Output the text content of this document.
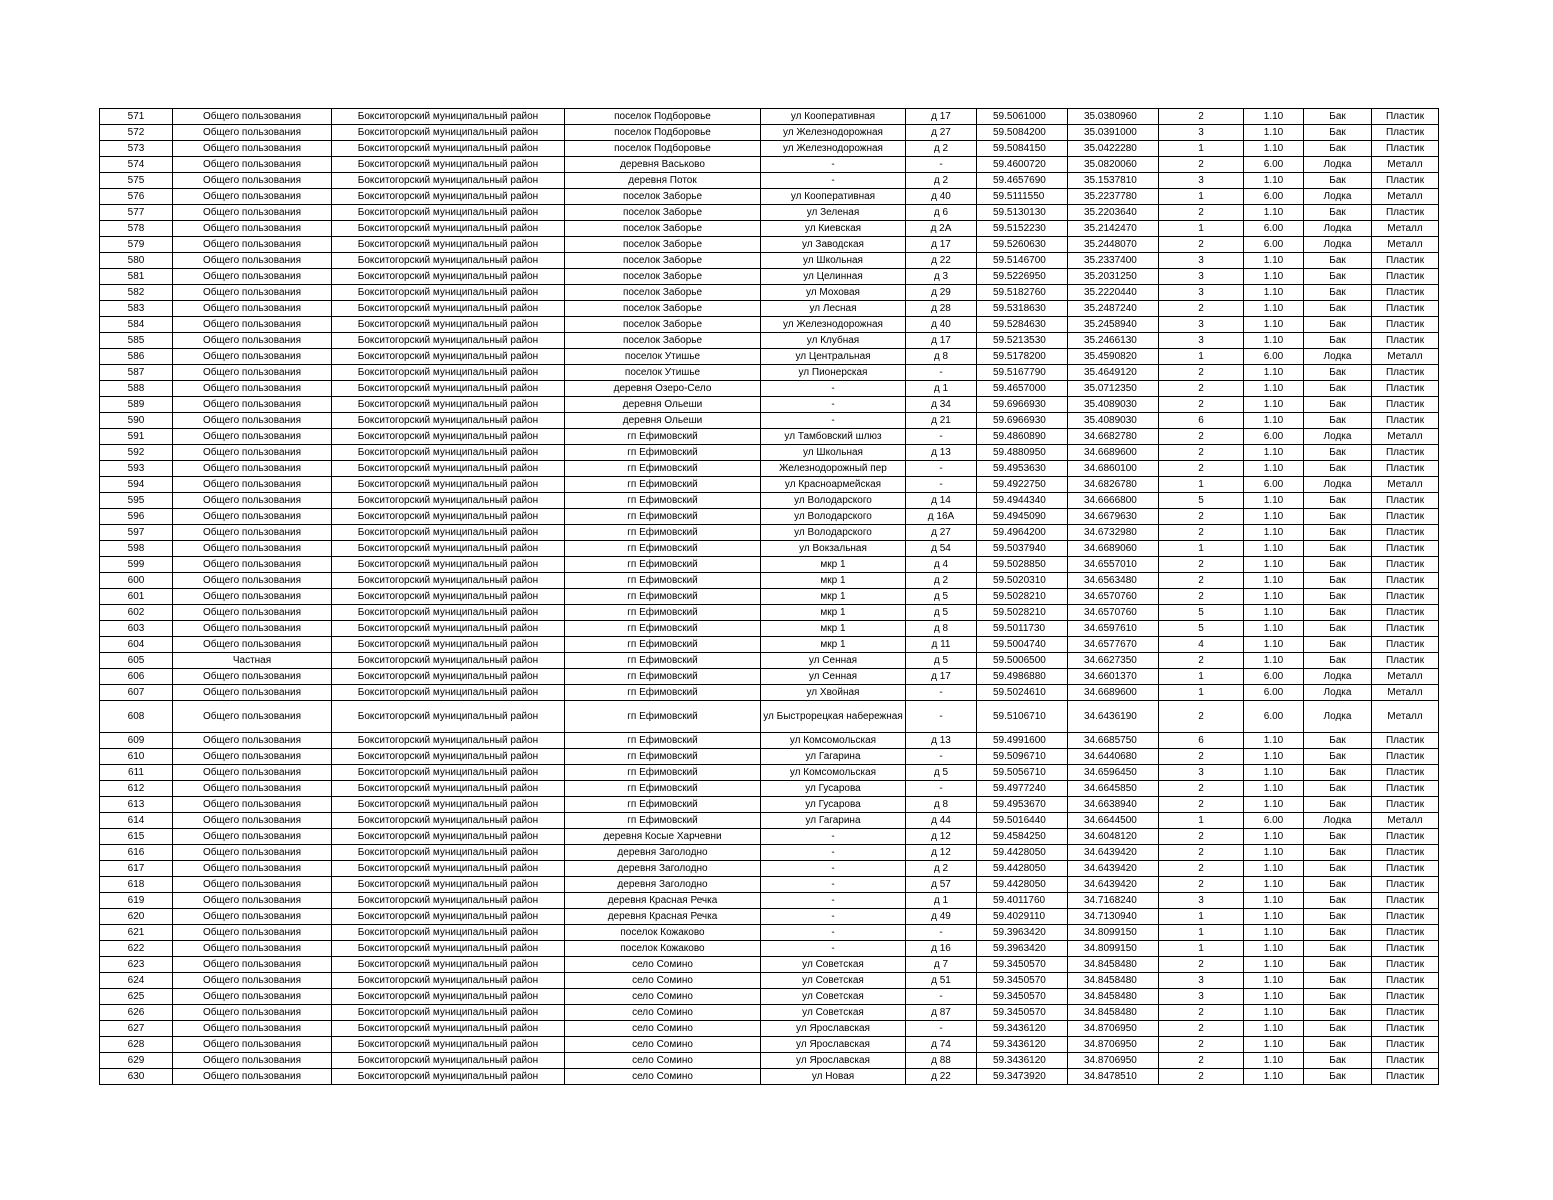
571	Общего пользования	Бокситогорский муниципальный район	поселок Подборовье	ул Кооперативная	д 17	59.5061000	35.0380960	2	1.10	Бак	Пластик
572	Общего пользования	Бокситогорский муниципальный район	поселок Подборовье	ул Железнодорожная	д 27	59.5084200	35.0391000	3	1.10	Бак	Пластик
573	Общего пользования	Бокситогорский муниципальный район	поселок Подборовье	ул Железнодорожная	д 2	59.5084150	35.0422280	1	1.10	Бак	Пластик
574	Общего пользования	Бокситогорский муниципальный район	деревня Васьково	-	-	59.4600720	35.0820060	2	6.00	Лодка	Металл
575	Общего пользования	Бокситогорский муниципальный район	деревня Поток	-	д 2	59.4657690	35.1537810	3	1.10	Бак	Пластик
576	Общего пользования	Бокситогорский муниципальный район	поселок Заборье	ул Кооперативная	д 40	59.5111550	35.2237780	1	6.00	Лодка	Металл
577	Общего пользования	Бокситогорский муниципальный район	поселок Заборье	ул Зеленая	д 6	59.5130130	35.2203640	2	1.10	Бак	Пластик
578	Общего пользования	Бокситогорский муниципальный район	поселок Заборье	ул Киевская	д 2А	59.5152230	35.2142470	1	6.00	Лодка	Металл
579	Общего пользования	Бокситогорский муниципальный район	поселок Заборье	ул Заводская	д 17	59.5260630	35.2448070	2	6.00	Лодка	Металл
580	Общего пользования	Бокситогорский муниципальный район	поселок Заборье	ул Школьная	д 22	59.5146700	35.2337400	3	1.10	Бак	Пластик
581	Общего пользования	Бокситогорский муниципальный район	поселок Заборье	ул Целинная	д 3	59.5226950	35.2031250	3	1.10	Бак	Пластик
582	Общего пользования	Бокситогорский муниципальный район	поселок Заборье	ул Моховая	д 29	59.5182760	35.2220440	3	1.10	Бак	Пластик
583	Общего пользования	Бокситогорский муниципальный район	поселок Заборье	ул Лесная	д 28	59.5318630	35.2487240	2	1.10	Бак	Пластик
584	Общего пользования	Бокситогорский муниципальный район	поселок Заборье	ул Железнодорожная	д 40	59.5284630	35.2458940	3	1.10	Бак	Пластик
585	Общего пользования	Бокситогорский муниципальный район	поселок Заборье	ул Клубная	д 17	59.5213530	35.2466130	3	1.10	Бак	Пластик
586	Общего пользования	Бокситогорский муниципальный район	поселок Утишье	ул Центральная	д 8	59.5178200	35.4590820	1	6.00	Лодка	Металл
587	Общего пользования	Бокситогорский муниципальный район	поселок Утишье	ул Пионерская	-	59.5167790	35.4649120	2	1.10	Бак	Пластик
588	Общего пользования	Бокситогорский муниципальный район	деревня Озеро-Село	-	д 1	59.4657000	35.0712350	2	1.10	Бак	Пластик
589	Общего пользования	Бокситогорский муниципальный район	деревня Ольеши	-	д 34	59.6966930	35.4089030	2	1.10	Бак	Пластик
590	Общего пользования	Бокситогорский муниципальный район	деревня Ольеши	-	д 21	59.6966930	35.4089030	6	1.10	Бак	Пластик
591	Общего пользования	Бокситогорский муниципальный район	гп Ефимовский	ул Тамбовский шлюз	-	59.4860890	34.6682780	2	6.00	Лодка	Металл
592	Общего пользования	Бокситогорский муниципальный район	гп Ефимовский	ул Школьная	д 13	59.4880950	34.6689600	2	1.10	Бак	Пластик
593	Общего пользования	Бокситогорский муниципальный район	гп Ефимовский	Железнодорожный пер	-	59.4953630	34.6860100	2	1.10	Бак	Пластик
594	Общего пользования	Бокситогорский муниципальный район	гп Ефимовский	ул Красноармейская	-	59.4922750	34.6826780	1	6.00	Лодка	Металл
595	Общего пользования	Бокситогорский муниципальный район	гп Ефимовский	ул Володарского	д 14	59.4944340	34.6666800	5	1.10	Бак	Пластик
596	Общего пользования	Бокситогорский муниципальный район	гп Ефимовский	ул Володарского	д 16А	59.4945090	34.6679630	2	1.10	Бак	Пластик
597	Общего пользования	Бокситогорский муниципальный район	гп Ефимовский	ул Володарского	д 27	59.4964200	34.6732980	2	1.10	Бак	Пластик
598	Общего пользования	Бокситогорский муниципальный район	гп Ефимовский	ул Вокзальная	д 54	59.5037940	34.6689060	1	1.10	Бак	Пластик
599	Общего пользования	Бокситогорский муниципальный район	гп Ефимовский	мкр 1	д 4	59.5028850	34.6557010	2	1.10	Бак	Пластик
600	Общего пользования	Бокситогорский муниципальный район	гп Ефимовский	мкр 1	д 2	59.5020310	34.6563480	2	1.10	Бак	Пластик
601	Общего пользования	Бокситогорский муниципальный район	гп Ефимовский	мкр 1	д 5	59.5028210	34.6570760	2	1.10	Бак	Пластик
602	Общего пользования	Бокситогорский муниципальный район	гп Ефимовский	мкр 1	д 5	59.5028210	34.6570760	5	1.10	Бак	Пластик
603	Общего пользования	Бокситогорский муниципальный район	гп Ефимовский	мкр 1	д 8	59.5011730	34.6597610	5	1.10	Бак	Пластик
604	Общего пользования	Бокситогорский муниципальный район	гп Ефимовский	мкр 1	д 11	59.5004740	34.6577670	4	1.10	Бак	Пластик
605	Частная	Бокситогорский муниципальный район	гп Ефимовский	ул Сенная	д 5	59.5006500	34.6627350	2	1.10	Бак	Пластик
606	Общего пользования	Бокситогорский муниципальный район	гп Ефимовский	ул Сенная	д 17	59.4986880	34.6601370	1	6.00	Лодка	Металл
607	Общего пользования	Бокситогорский муниципальный район	гп Ефимовский	ул Хвойная	-	59.5024610	34.6689600	1	6.00	Лодка	Металл
608	Общего пользования	Бокситогорский муниципальный район	гп Ефимовский	ул Быстрорецкая набережная	-	59.5106710	34.6436190	2	6.00	Лодка	Металл
609	Общего пользования	Бокситогорский муниципальный район	гп Ефимовский	ул Комсомольская	д 13	59.4991600	34.6685750	6	1.10	Бак	Пластик
610	Общего пользования	Бокситогорский муниципальный район	гп Ефимовский	ул Гагарина	-	59.5096710	34.6440680	2	1.10	Бак	Пластик
611	Общего пользования	Бокситогорский муниципальный район	гп Ефимовский	ул Комсомольская	д 5	59.5056710	34.6596450	3	1.10	Бак	Пластик
612	Общего пользования	Бокситогорский муниципальный район	гп Ефимовский	ул Гусарова	-	59.4977240	34.6645850	2	1.10	Бак	Пластик
613	Общего пользования	Бокситогорский муниципальный район	гп Ефимовский	ул Гусарова	д 8	59.4953670	34.6638940	2	1.10	Бак	Пластик
614	Общего пользования	Бокситогорский муниципальный район	гп Ефимовский	ул Гагарина	д 44	59.5016440	34.6644500	1	6.00	Лодка	Металл
615	Общего пользования	Бокситогорский муниципальный район	деревня Косые Харчевни	-	д 12	59.4584250	34.6048120	2	1.10	Бак	Пластик
616	Общего пользования	Бокситогорский муниципальный район	деревня Заголодно	-	д 12	59.4428050	34.6439420	2	1.10	Бак	Пластик
617	Общего пользования	Бокситогорский муниципальный район	деревня Заголодно	-	д 2	59.4428050	34.6439420	2	1.10	Бак	Пластик
618	Общего пользования	Бокситогорский муниципальный район	деревня Заголодно	-	д 57	59.4428050	34.6439420	2	1.10	Бак	Пластик
619	Общего пользования	Бокситогорский муниципальный район	деревня Красная Речка	-	д 1	59.4011760	34.7168240	3	1.10	Бак	Пластик
620	Общего пользования	Бокситогорский муниципальный район	деревня Красная Речка	-	д 49	59.4029110	34.7130940	1	1.10	Бак	Пластик
621	Общего пользования	Бокситогорский муниципальный район	поселок Кожаково	-	-	59.3963420	34.8099150	1	1.10	Бак	Пластик
622	Общего пользования	Бокситогорский муниципальный район	поселок Кожаково	-	д 16	59.3963420	34.8099150	1	1.10	Бак	Пластик
623	Общего пользования	Бокситогорский муниципальный район	село Сомино	ул Советская	д 7	59.3450570	34.8458480	2	1.10	Бак	Пластик
624	Общего пользования	Бокситогорский муниципальный район	село Сомино	ул Советская	д 51	59.3450570	34.8458480	3	1.10	Бак	Пластик
625	Общего пользования	Бокситогорский муниципальный район	село Сомино	ул Советская	-	59.3450570	34.8458480	3	1.10	Бак	Пластик
626	Общего пользования	Бокситогорский муниципальный район	село Сомино	ул Советская	д 87	59.3450570	34.8458480	2	1.10	Бак	Пластик
627	Общего пользования	Бокситогорский муниципальный район	село Сомино	ул Ярославская	-	59.3436120	34.8706950	2	1.10	Бак	Пластик
628	Общего пользования	Бокситогорский муниципальный район	село Сомино	ул Ярославская	д 74	59.3436120	34.8706950	2	1.10	Бак	Пластик
629	Общего пользования	Бокситогорский муниципальный район	село Сомино	ул Ярославская	д 88	59.3436120	34.8706950	2	1.10	Бак	Пластик
630	Общего пользования	Бокситогорский муниципальный район	село Сомино	ул Новая	д 22	59.3473920	34.8478510	2	1.10	Бак	Пластик
